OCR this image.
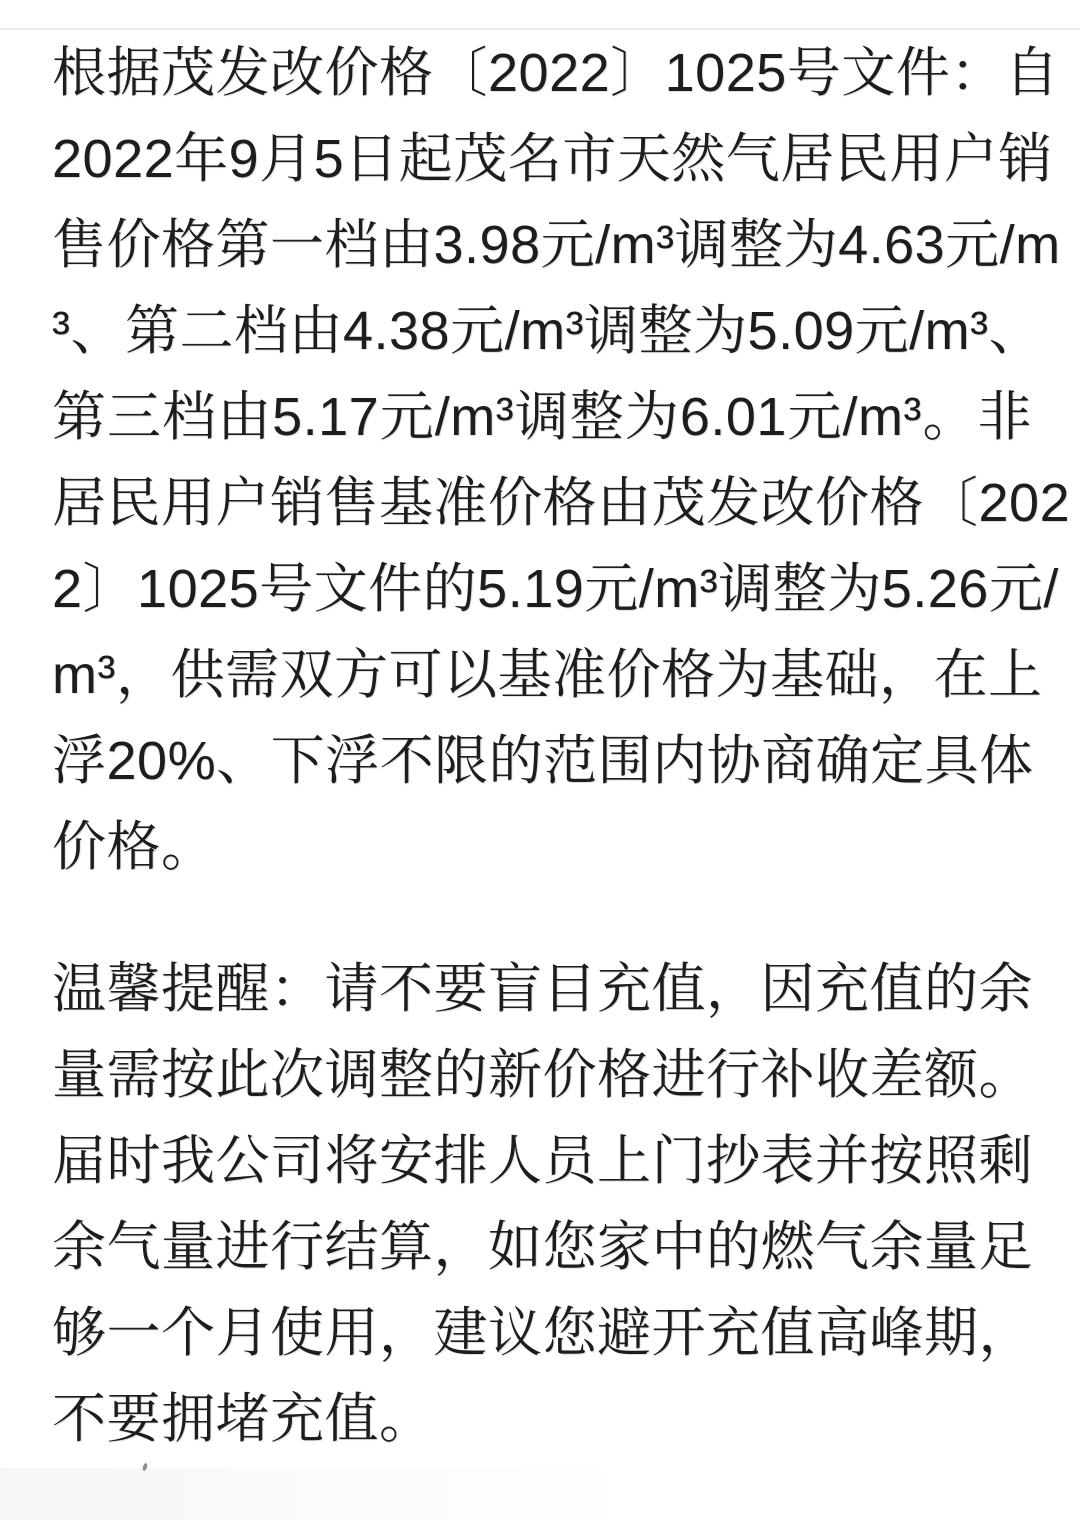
根据茂发改价格〔2022〕1025号文件：自
2022年9月5日起茂名市天然气居民用户销
售价格第一档由3.98元/m³调整为4.63元/m
³、第二档由4.38元/m³调整为5.09元/m³、
第三档由5.17元/m³调整为6.01元/m³。非
居民用户销售基准价格由茂发改价格〔202
2〕1025号文件的5.19元/m³调整为5.26元/
m³，供需双方可以基准价格为基础，在上
浮20%、下浮不限的范围内协商确定具体
价格。
温馨提醒：请不要盲目充值，因充值的余
量需按此次调整的新价格进行补收差额。
届时我公司将安排人员上门抄表并按照剩
余气量进行结算，如您家中的燃气余量足
够一个月使用，建议您避开充值高峰期，
不要拥堵充值。
